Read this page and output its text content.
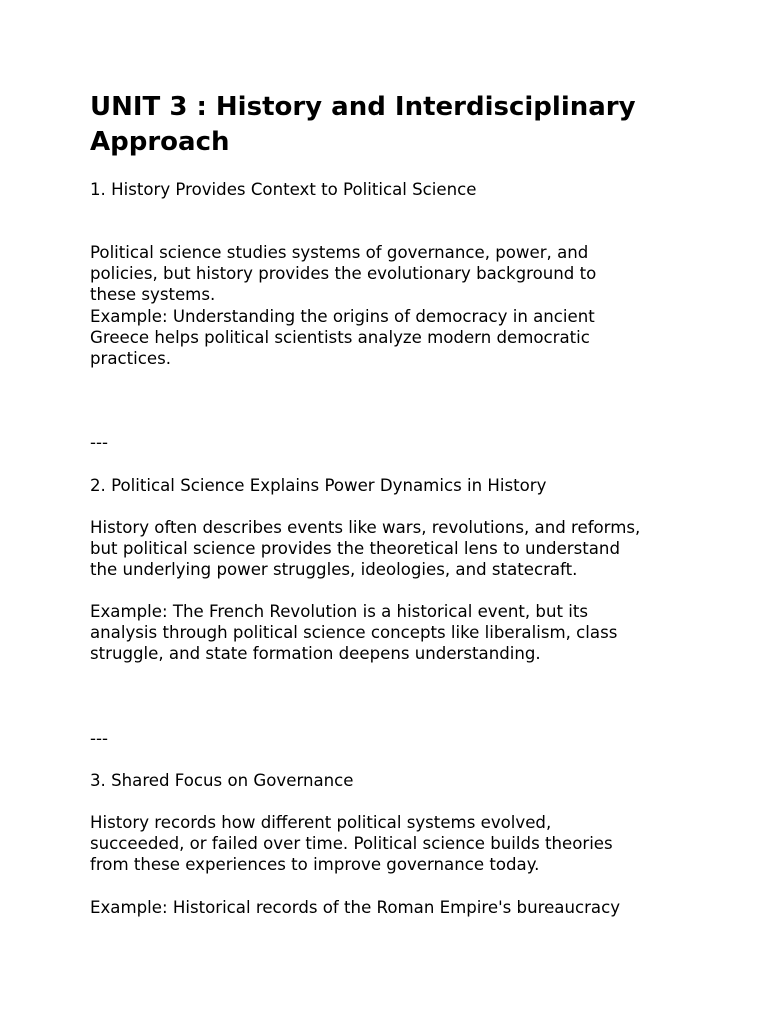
UNIT 3 : History and Interdisciplinary
Approach

1. History Provides Context to Political Science

Political science studies systems of governance, power, and

policies, but history provides the evolutionary background to

these systems.

Example: Understanding the origins of democracy in ancient

Greece helps political scientists analyze modern democratic

practices.

---

2. Political Science Explains Power Dynamics in History

History often describes events like wars, revolutions, and reforms,

but political science provides the theoretical lens to understand

the underlying power struggles, ideologies, and statecraft.

Example: The French Revolution is a historical event, but its

analysis through political science concepts like liberalism, class

struggle, and state formation deepens understanding.

---

3. Shared Focus on Governance

History records how different political systems evolved,

succeeded, or failed over time. Political science builds theories

from these experiences to improve governance today.

Example: Historical records of the Roman Empire's bureaucracy
